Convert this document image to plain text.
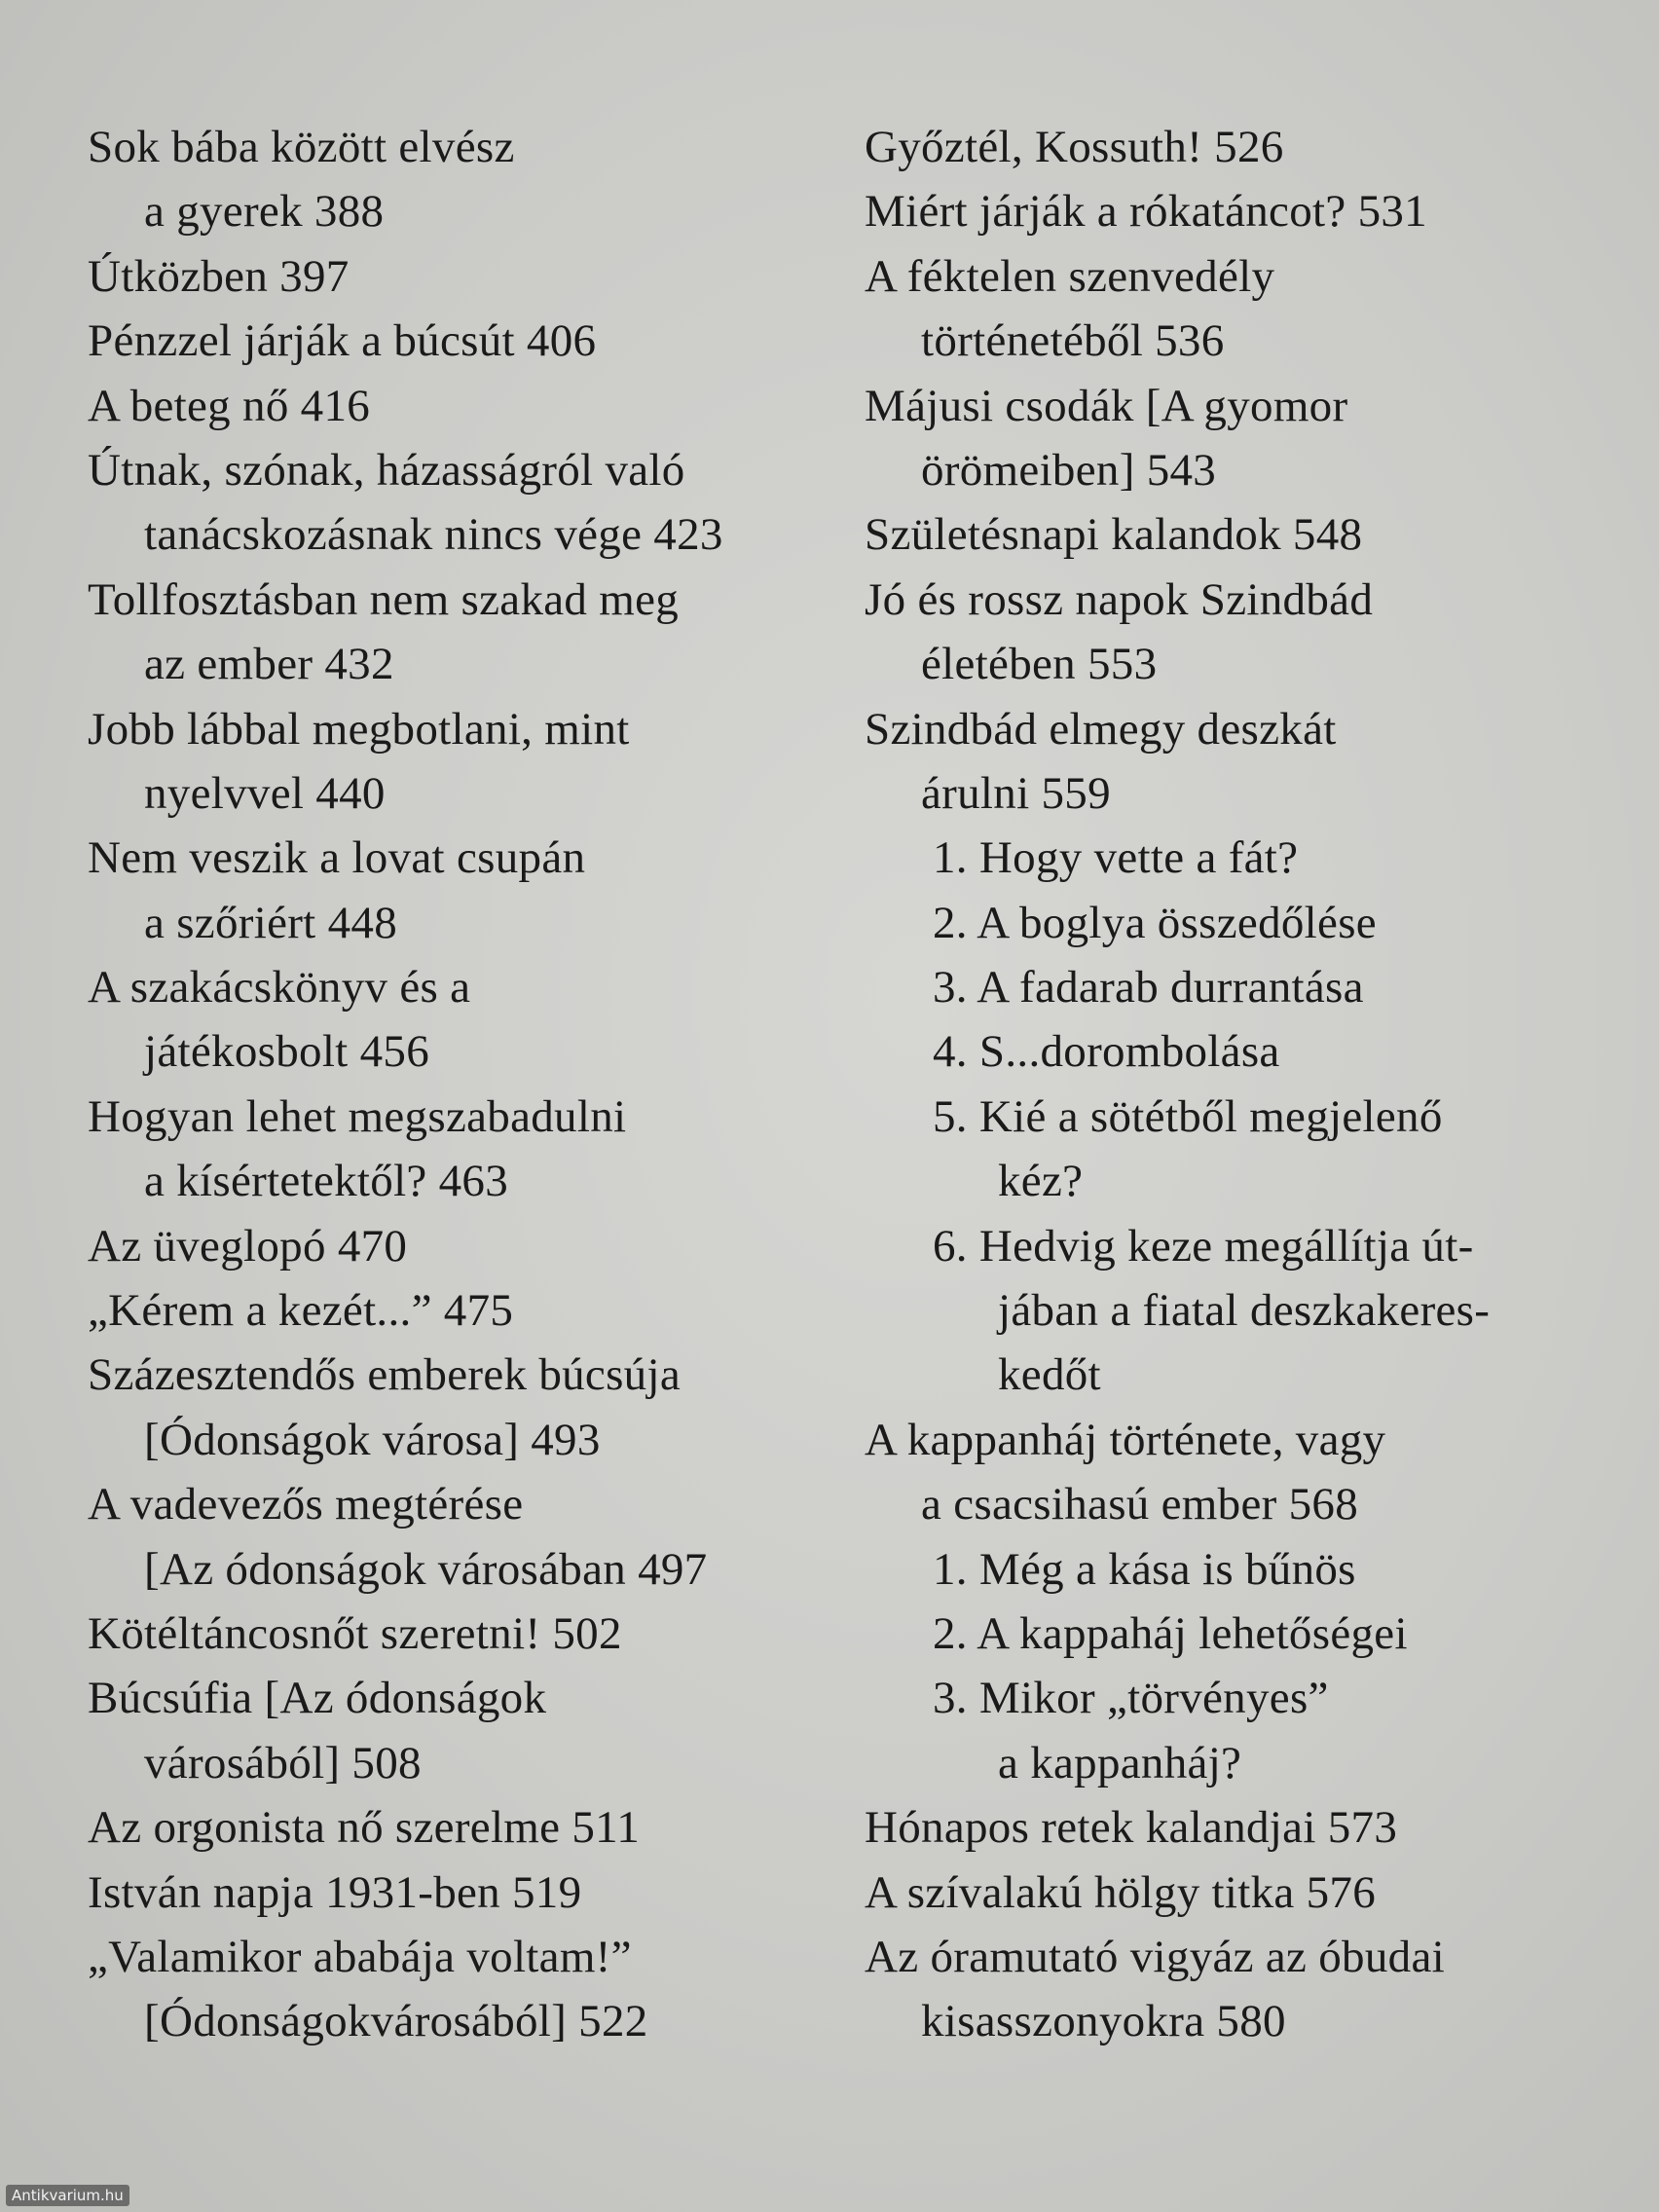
Sok bába között elvész
a gyerek 388
Útközben 397
Pénzzel járják a búcsút 406
A beteg nő 416
Útnak, szónak, házasságról való
tanácskozásnak nincs vége 423
Tollfosztásban nem szakad meg
az ember 432
Jobb lábbal megbotlani, mint
nyelvvel 440
Nem veszik a lovat csupán
a szőriért 448
A szakácskönyv és a
játékosbolt 456
Hogyan lehet megszabadulni
a kísértetektől? 463
Az üveglopó 470
„Kérem a kezét...” 475
Százesztendős emberek búcsúja
[Ódonságok városa] 493
A vadevezős megtérése
[Az ódonságok városában 497
Kötéltáncosnőt szeretni! 502
Búcsúfia [Az ódonságok
városából] 508
Az orgonista nő szerelme 511
István napja 1931-ben 519
„Valamikor ababája voltam!”
[Ódonságokvárosából] 522
Győztél, Kossuth! 526
Miért járják a rókatáncot? 531
A féktelen szenvedély
történetéből 536
Májusi csodák [A gyomor
örömeiben] 543
Születésnapi kalandok 548
Jó és rossz napok Szindbád
életében 553
Szindbád elmegy deszkát
árulni 559
1. Hogy vette a fát?
2. A boglya összedőlése
3. A fadarab durrantása
4. S...dorombolása
5. Kié a sötétből megjelenő
kéz?
6. Hedvig keze megállítja út-
jában a fiatal deszkakeres-
kedőt
A kappanháj története, vagy
a csacsihasú ember 568
1. Még a kása is bűnös
2. A kappaháj lehetőségei
3. Mikor „törvényes”
a kappanháj?
Hónapos retek kalandjai 573
A szívalakú hölgy titka 576
Az óramutató vigyáz az óbudai
kisasszonyokra 580
Antikvarium.hu
